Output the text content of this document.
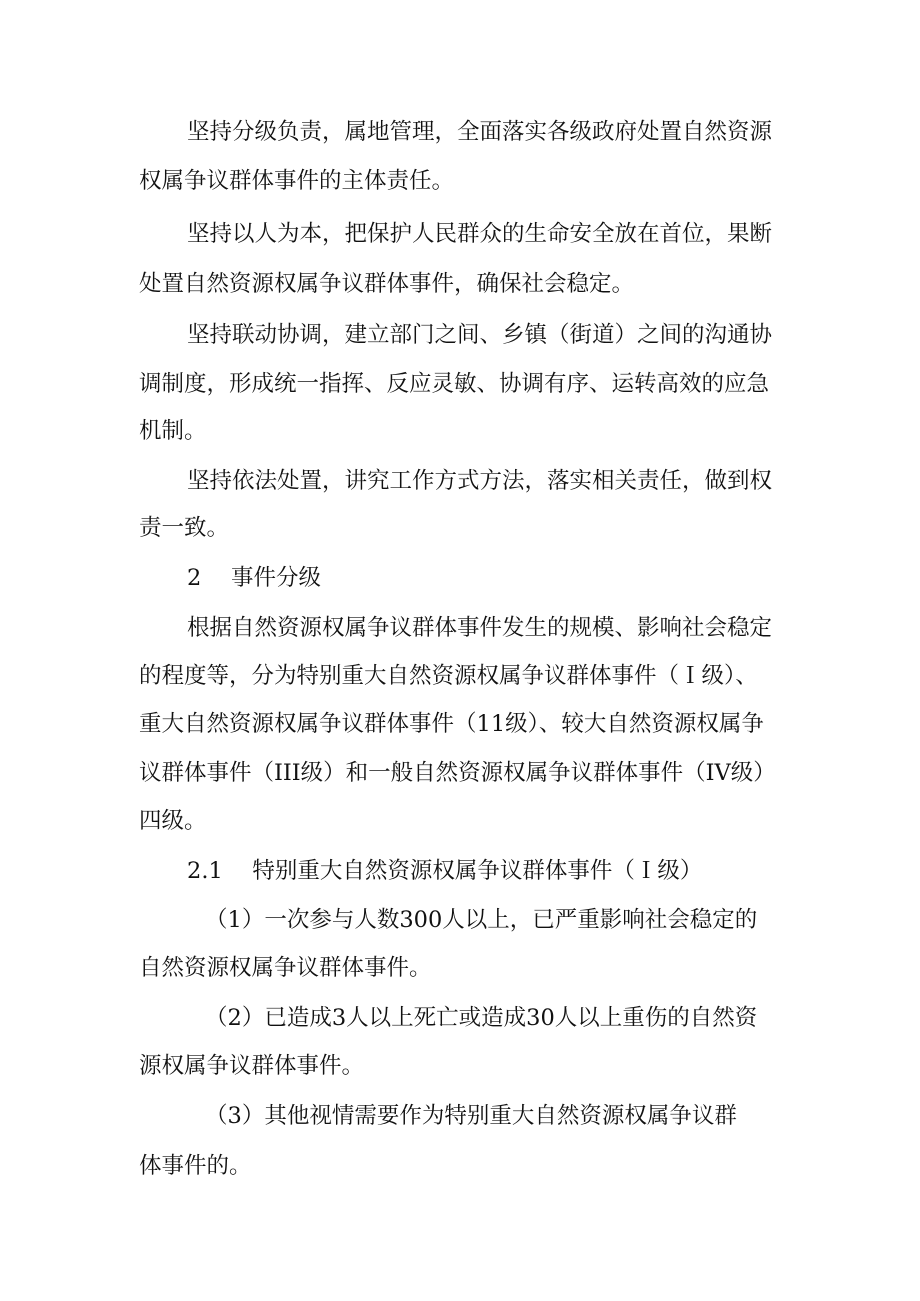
坚持分级负责，属地管理，全面落实各级政府处置自然资源
权属争议群体事件的主体责任。
坚持以人为本，把保护人民群众的生命安全放在首位，果断
处置自然资源权属争议群体事件，确保社会稳定。
坚持联动协调，建立部门之间、乡镇（街道）之间的沟通协
调制度，形成统一指挥、反应灵敏、协调有序、运转高效的应急
机制。
坚持依法处置，讲究工作方式方法，落实相关责任，做到权
责一致。
2　 事件分级
根据自然资源权属争议群体事件发生的规模、影响社会稳定
的程度等，分为特别重大自然资源权属争议群体事件（Ｉ级）、
重大自然资源权属争议群体事件（11级）、较大自然资源权属争
议群体事件（III级）和一般自然资源权属争议群体事件（IV级）
四级。
2.1　 特别重大自然资源权属争议群体事件（Ｉ级）
（1）一次参与人数300人以上，已严重影响社会稳定的
自然资源权属争议群体事件。
（2）已造成3人以上死亡或造成30人以上重伤的自然资
源权属争议群体事件。
（3）其他视情需要作为特别重大自然资源权属争议群
体事件的。
